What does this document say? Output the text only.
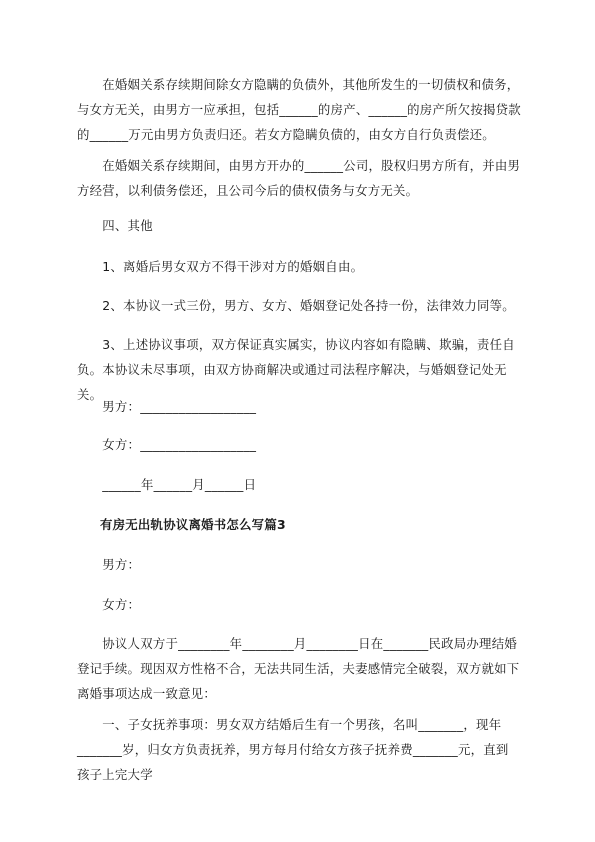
　　在婚姻关系存续期间除女方隐瞒的负债外，其他所发生的一切债权和债务，与女方无关，由男方一应承担，包括______的房产、______的房产所欠按揭贷款的______万元由男方负责归还。若女方隐瞒负债的，由女方自行负责偿还。

　　在婚姻关系存续期间，由男方开办的______公司，股权归男方所有，并由男方经营，以利债务偿还，且公司今后的债权债务与女方无关。

　　四、其他

　　1、离婚后男女双方不得干涉对方的婚姻自由。

　　2、本协议一式三份，男方、女方、婚姻登记处各持一份，法律效力同等。

　　3、上述协议事项，双方保证真实属实，协议内容如有隐瞒、欺骗，责任自负。本协议未尽事项，由双方协商解决或通过司法程序解决，与婚姻登记处无关。

　　男方：__________________

　　女方：__________________

　　______年______月______日

有房无出轨协议离婚书怎么写篇3

　　男方：

　　女方：

　　协议人双方于________年________月________日在_______民政局办理结婚登记手续。现因双方性格不合，无法共同生活，夫妻感情完全破裂，双方就如下离婚事项达成一致意见：

　　一、子女抚养事项：男女双方结婚后生有一个男孩，名叫_______，现年_______岁，归女方负责抚养，男方每月付给女方孩子抚养费_______元，直到孩子上完大学
